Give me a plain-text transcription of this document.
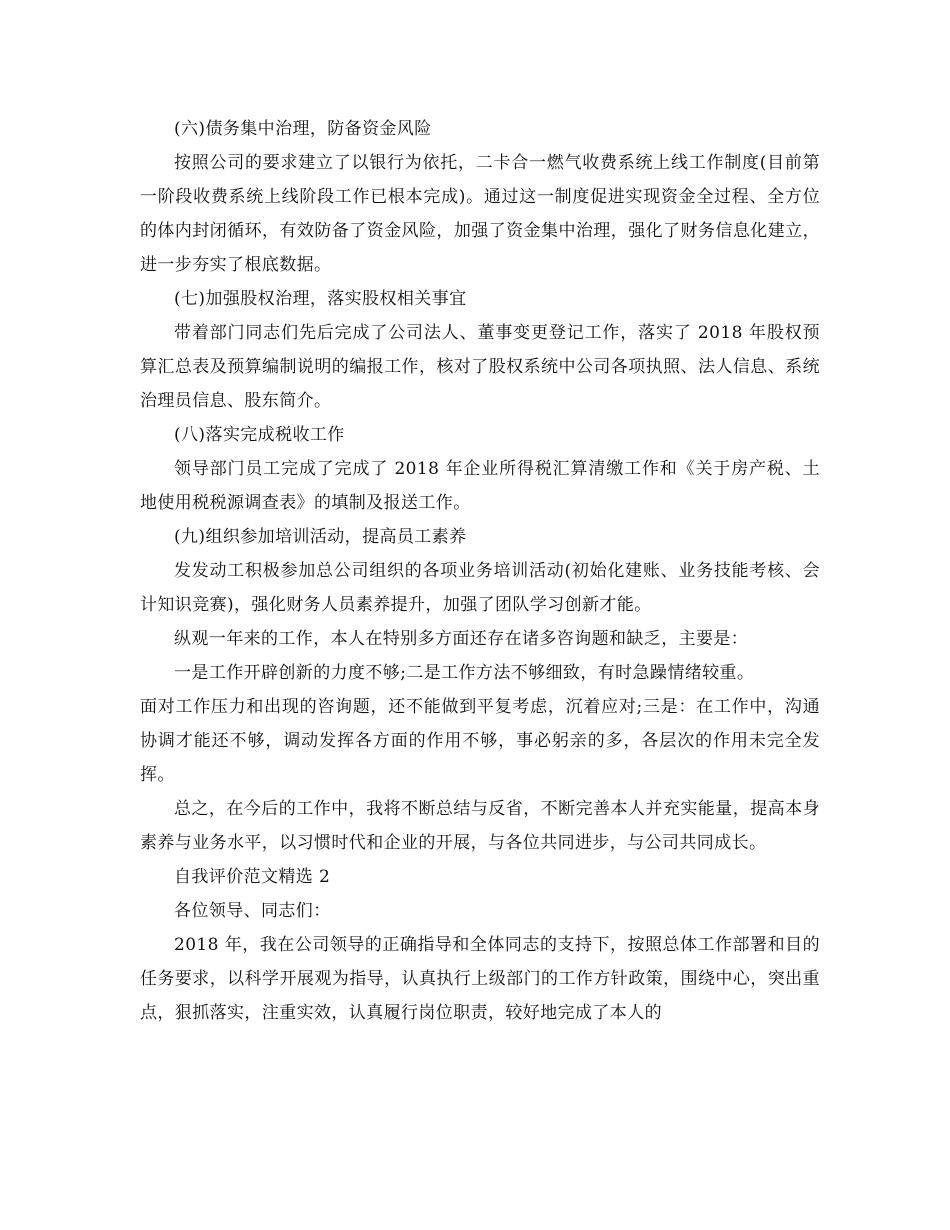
(六)债务集中治理，防备资金风险

按照公司的要求建立了以银行为依托，二卡合一燃气收费系统上线工作制度(目前第一阶段收费系统上线阶段工作已根本完成)。通过这一制度促进实现资金全过程、全方位的体内封闭循环，有效防备了资金风险，加强了资金集中治理，强化了财务信息化建立，进一步夯实了根底数据。

(七)加强股权治理，落实股权相关事宜

带着部门同志们先后完成了公司法人、董事变更登记工作，落实了 2018 年股权预算汇总表及预算编制说明的编报工作，核对了股权系统中公司各项执照、法人信息、系统治理员信息、股东简介。

(八)落实完成税收工作

领导部门员工完成了完成了 2018 年企业所得税汇算清缴工作和《关于房产税、土地使用税税源调查表》的填制及报送工作。

(九)组织参加培训活动，提高员工素养

发发动工积极参加总公司组织的各项业务培训活动(初始化建账、业务技能考核、会计知识竞赛)，强化财务人员素养提升，加强了团队学习创新才能。

纵观一年来的工作，本人在特别多方面还存在诸多咨询题和缺乏，主要是：

一是工作开辟创新的力度不够;二是工作方法不够细致，有时急躁情绪较重。

面对工作压力和出现的咨询题，还不能做到平复考虑，沉着应对;三是：在工作中，沟通协调才能还不够，调动发挥各方面的作用不够，事必躬亲的多，各层次的作用未完全发挥。

总之，在今后的工作中，我将不断总结与反省，不断完善本人并充实能量，提高本身素养与业务水平，以习惯时代和企业的开展，与各位共同进步，与公司共同成长。

自我评价范文精选 2

各位领导、同志们：

2018 年，我在公司领导的正确指导和全体同志的支持下，按照总体工作部署和目的任务要求，以科学开展观为指导，认真执行上级部门的工作方针政策，围绕中心，突出重点，狠抓落实，注重实效，认真履行岗位职责，较好地完成了本人的
